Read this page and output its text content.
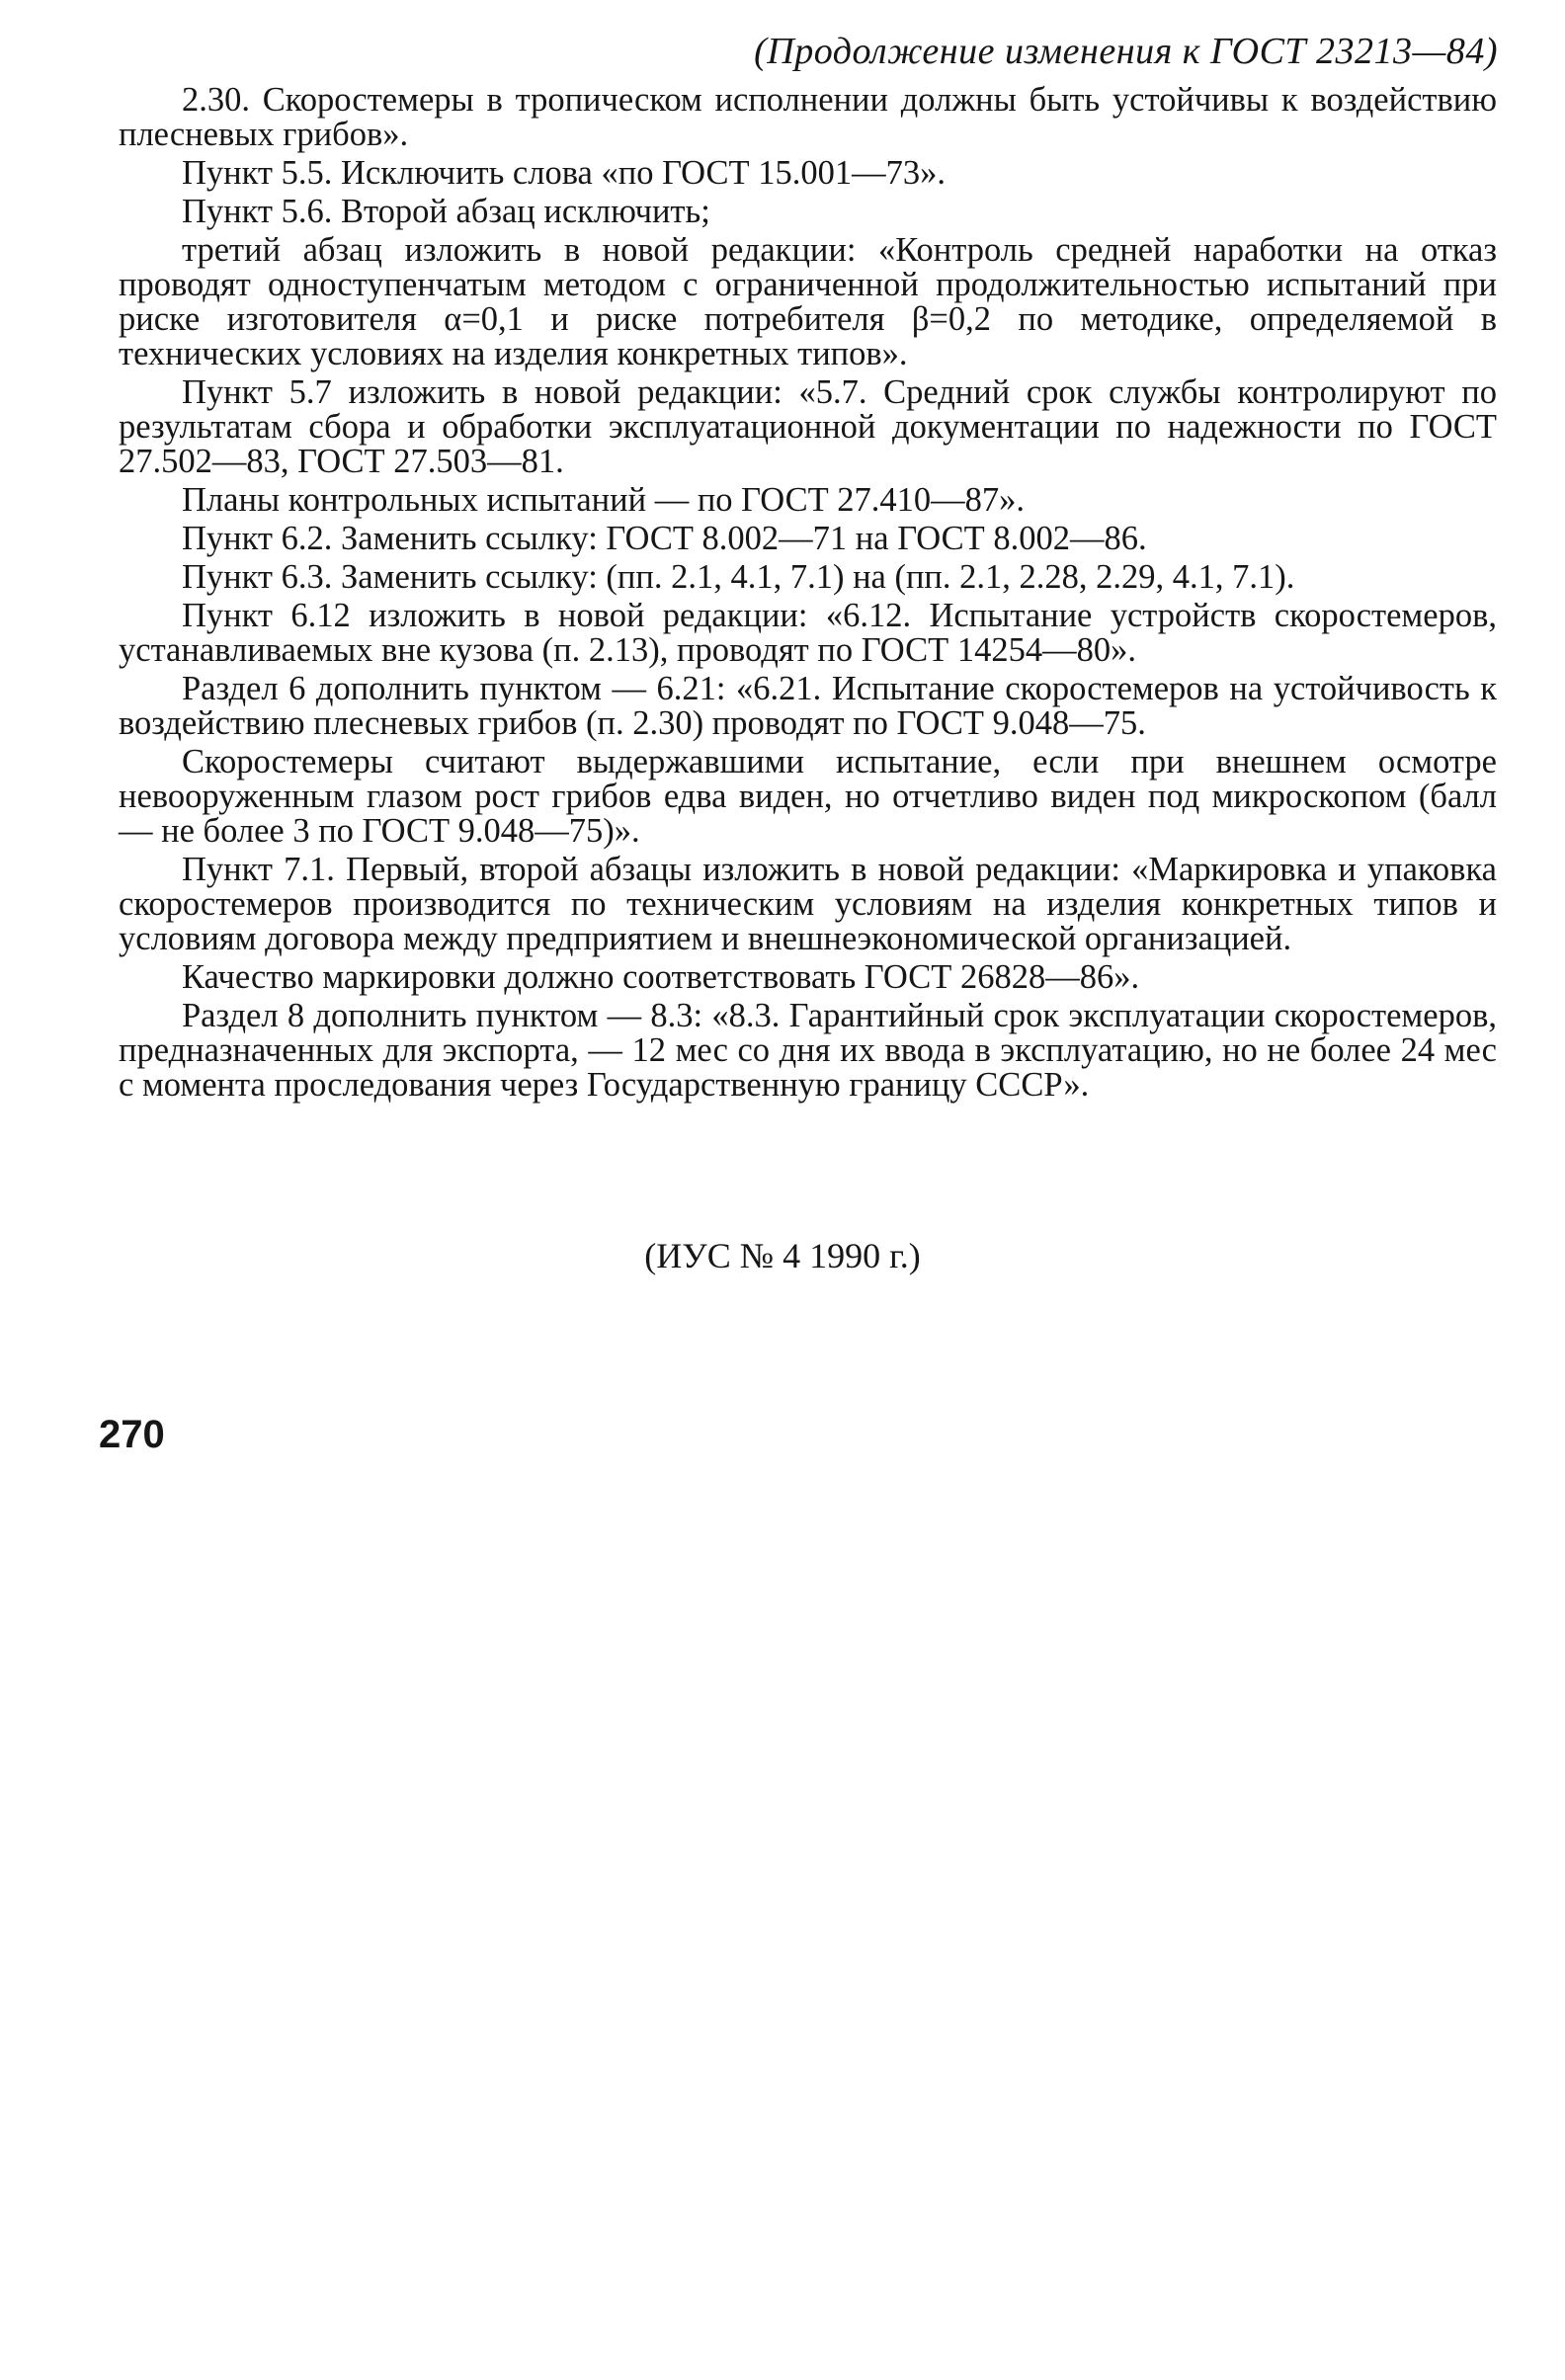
(Продолжение изменения к ГОСТ 23213—84)

2.30. Скоростемеры в тропическом исполнении должны быть устойчивы к воздействию плесневых грибов».

Пункт 5.5. Исключить слова «по ГОСТ 15.001—73».

Пункт 5.6. Второй абзац исключить;

третий абзац изложить в новой редакции: «Контроль средней наработки на отказ проводят одноступенчатым методом с ограниченной продолжительностью испытаний при риске изготовителя α=0,1 и риске потребителя β=0,2 по методике, определяемой в технических условиях на изделия конкретных типов».

Пункт 5.7 изложить в новой редакции: «5.7. Средний срок службы контролируют по результатам сбора и обработки эксплуатационной документации по надежности по ГОСТ 27.502—83, ГОСТ 27.503—81.

Планы контрольных испытаний — по ГОСТ 27.410—87».

Пункт 6.2. Заменить ссылку: ГОСТ 8.002—71 на ГОСТ 8.002—86.

Пункт 6.3. Заменить ссылку: (пп. 2.1, 4.1, 7.1) на (пп. 2.1, 2.28, 2.29, 4.1, 7.1).

Пункт 6.12 изложить в новой редакции: «6.12. Испытание устройств скоростемеров, устанавливаемых вне кузова (п. 2.13), проводят по ГОСТ 14254—80».

Раздел 6 дополнить пунктом — 6.21: «6.21. Испытание скоростемеров на устойчивость к воздействию плесневых грибов (п. 2.30) проводят по ГОСТ 9.048—75.

Скоростемеры считают выдержавшими испытание, если при внешнем осмотре невооруженным глазом рост грибов едва виден, но отчетливо виден под микроскопом (балл — не более 3 по ГОСТ 9.048—75)».

Пункт 7.1. Первый, второй абзацы изложить в новой редакции: «Маркировка и упаковка скоростемеров производится по техническим условиям на изделия конкретных типов и условиям договора между предприятием и внешнеэкономической организацией.

Качество маркировки должно соответствовать ГОСТ 26828—86».

Раздел 8 дополнить пунктом — 8.3: «8.3. Гарантийный срок эксплуатации скоростемеров, предназначенных для экспорта, — 12 мес со дня их ввода в эксплуатацию, но не более 24 мес с момента проследования через Государственную границу СССР».

(ИУС № 4 1990 г.)
270
